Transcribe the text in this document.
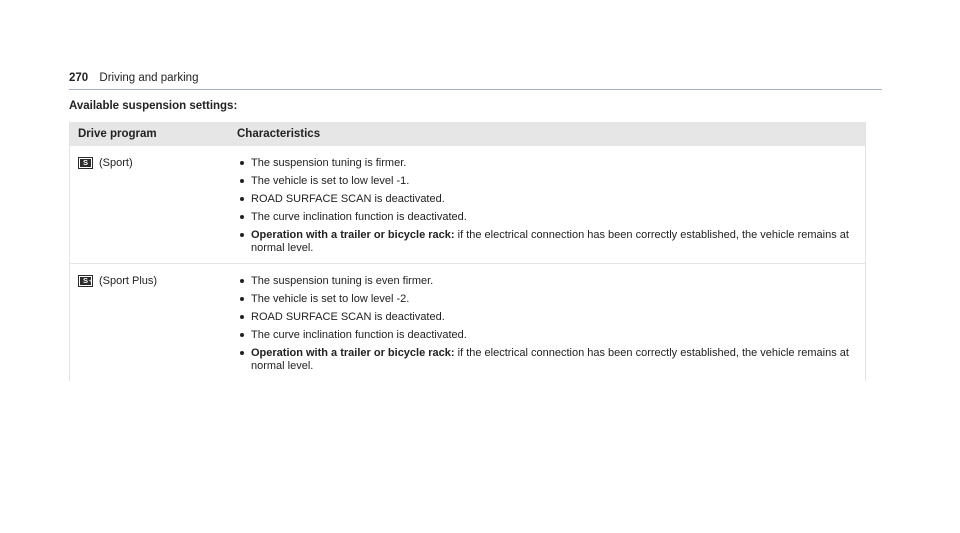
270 Driving and parking
Available suspension settings:
Drive program	Characteristics
S (Sport)	The suspension tuning is firmer.
The vehicle is set to low level -1.
ROAD SURFACE SCAN is deactivated.
The curve inclination function is deactivated.
Operation with a trailer or bicycle rack: if the electrical connection has been correctly established, the vehicle remains at normal level.
S + (Sport Plus)	The suspension tuning is even firmer.
The vehicle is set to low level -2.
ROAD SURFACE SCAN is deactivated.
The curve inclination function is deactivated.
Operation with a trailer or bicycle rack: if the electrical connection has been correctly established, the vehicle remains at normal level.
